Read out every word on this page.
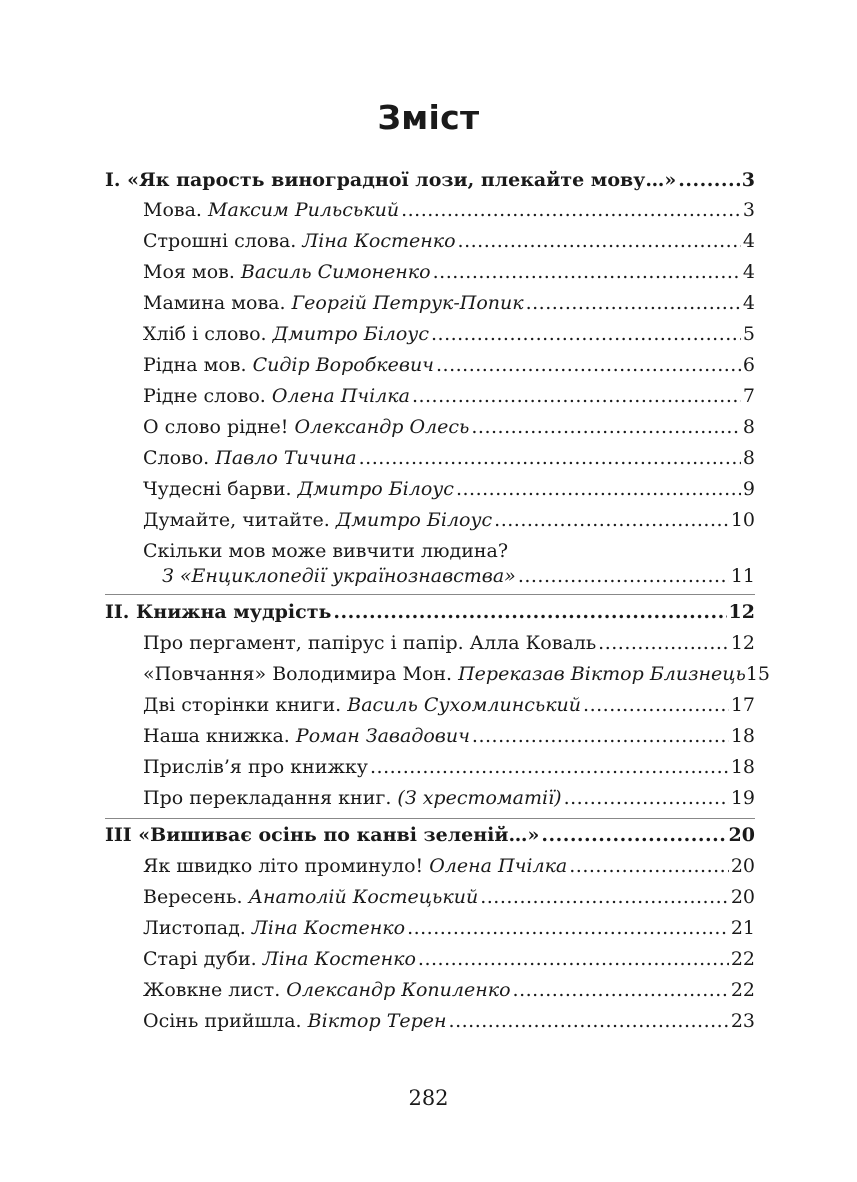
Зміст
І. «Як парость виноградної лози, плекайте мову…» .....	3
Мова. Максим Рильський .....	3
Строшні слова. Ліна Костенко .....	4
Моя мов. Василь Симоненко .....	4
Мамина мова. Георгій Петрук-Попик .....	4
Хліб і слово. Дмитро Білоус .....	5
Рідна мов. Сидір Воробкевич .....	6
Рідне слово. Олена Пчілка .....	7
О слово рідне! Олександр Олесь .....	8
Слово. Павло Тичина .....	8
Чудесні барви. Дмитро Білоус .....	9
Думайте, читайте. Дмитро Білоус .....	10
Скільки мов може вивчити людина?
З «Енциклопедії українознавства» .....	11
ІІ. Книжна мудрість .....	12
Про пергамент, папірус і папір. Алла Коваль .....	12
«Повчання» Володимира Мон. Переказав Віктор Близнець 15
Дві сторінки книги. Василь Сухомлинський .....	17
Наша книжка. Роман Завадович .....	18
Прислів’я про книжку .....	18
Про перекладання книг. (З хрестоматії) .....	19
ІІІ «Вишиває осінь по канві зеленій…» .....	20
Як швидко літо проминуло! Олена Пчілка .....	20
Вересень. Анатолій Костецький .....	20
Листопад. Ліна Костенко .....	21
Старі дуби. Ліна Костенко .....	22
Жовкне лист. Олександр Копиленко .....	22
Осінь прийшла. Віктор Терен .....	23
282
